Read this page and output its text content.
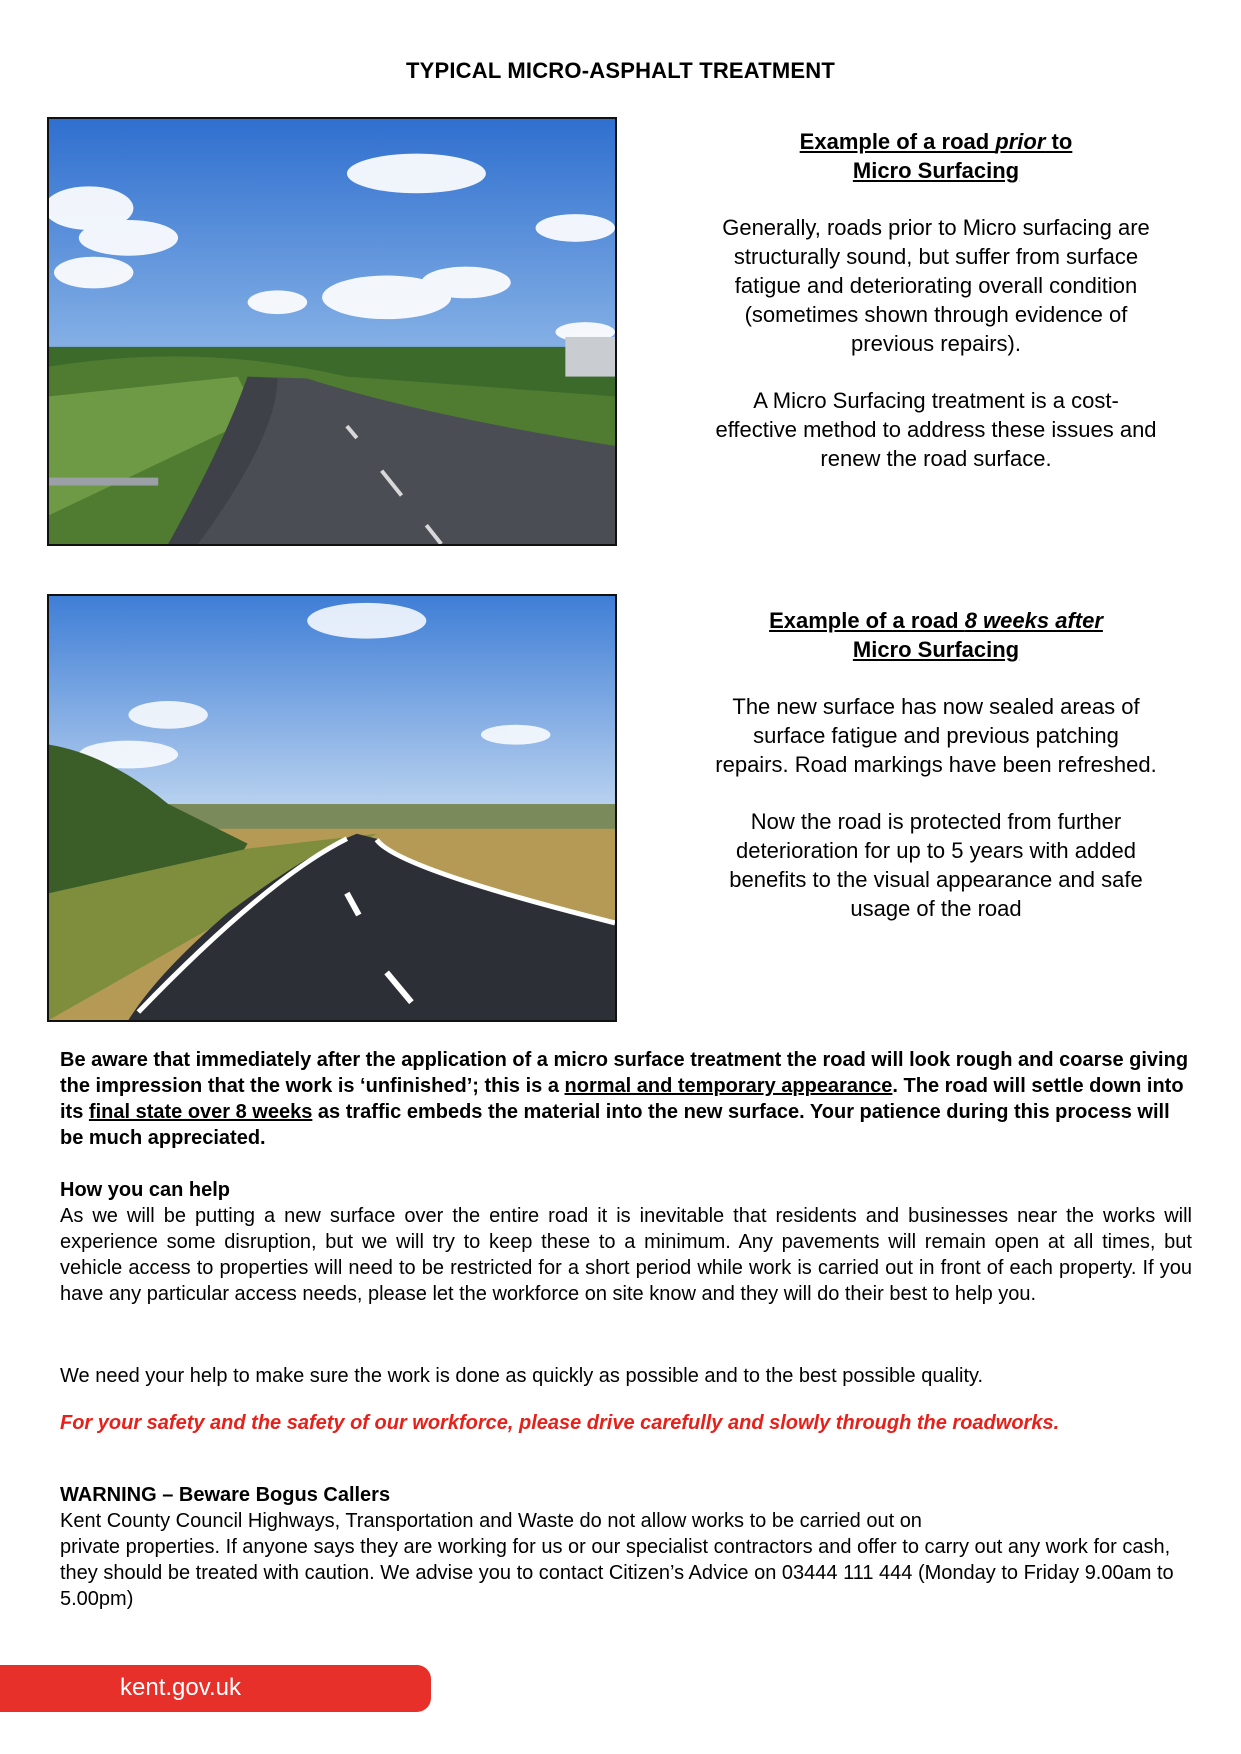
TYPICAL MICRO-ASPHALT TREATMENT
Example of a road prior to
Micro Surfacing

Generally, roads prior to Micro surfacing are structurally sound, but suffer from surface fatigue and deteriorating overall condition (sometimes shown through evidence of previous repairs).

A Micro Surfacing treatment is a cost-effective method to address these issues and renew the road surface.

Example of a road 8 weeks after
Micro Surfacing

The new surface has now sealed areas of surface fatigue and previous patching repairs. Road markings have been refreshed.

Now the road is protected from further deterioration for up to 5 years with added benefits to the visual appearance and safe usage of the road

Be aware that immediately after the application of a micro surface treatment the road will look rough and coarse giving the impression that the work is ‘unfinished’; this is a normal and temporary appearance. The road will settle down into its final state over 8 weeks as traffic embeds the material into the new surface. Your patience during this process will be much appreciated.
How you can help

As we will be putting a new surface over the entire road it is inevitable that residents and businesses near the works will experience some disruption, but we will try to keep these to a minimum. Any pavements will remain open at all times, but vehicle access to properties will need to be restricted for a short period while work is carried out in front of each property. If you have any particular access needs, please let the workforce on site know and they will do their best to help you.

We need your help to make sure the work is done as quickly as possible and to the best possible quality.
For your safety and the safety of our workforce, please drive carefully and slowly through the roadworks.
WARNING – Beware Bogus Callers

Kent County Council Highways, Transportation and Waste do not allow works to be carried out on

private properties. If anyone says they are working for us or our specialist contractors and offer to carry out any work for cash, they should be treated with caution. We advise you to contact Citizen’s Advice on 03444 111 444 (Monday to Friday 9.00am to 5.00pm)

kent.gov.uk
